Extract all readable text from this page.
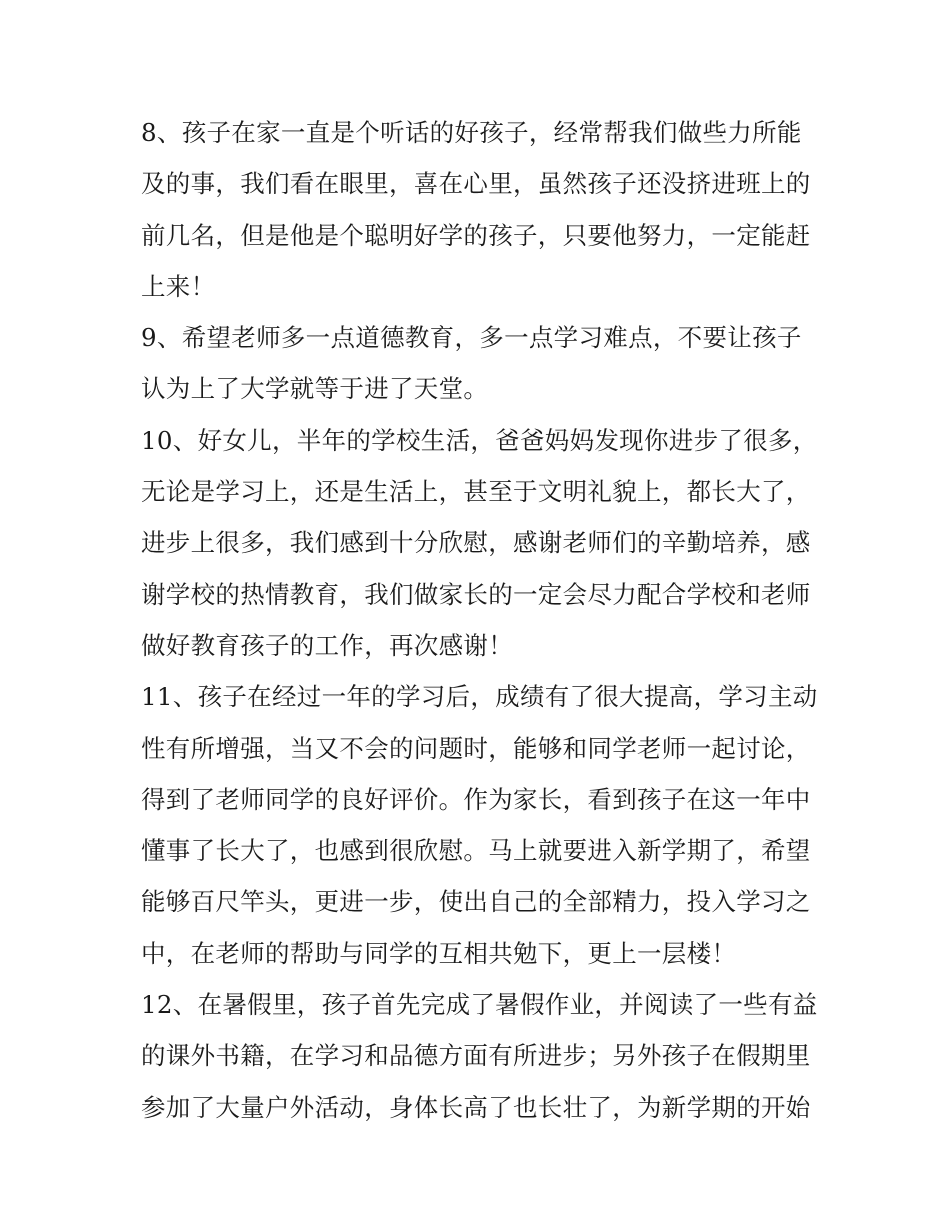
8、孩子在家一直是个听话的好孩子，经常帮我们做些力所能
及的事，我们看在眼里，喜在心里，虽然孩子还没挤进班上的
前几名，但是他是个聪明好学的孩子，只要他努力，一定能赶
上来！
9、希望老师多一点道德教育，多一点学习难点，不要让孩子
认为上了大学就等于进了天堂。
10、好女儿，半年的学校生活，爸爸妈妈发现你进步了很多，
无论是学习上，还是生活上，甚至于文明礼貌上，都长大了，
进步上很多，我们感到十分欣慰，感谢老师们的辛勤培养，感
谢学校的热情教育，我们做家长的一定会尽力配合学校和老师
做好教育孩子的工作，再次感谢！
11、孩子在经过一年的学习后，成绩有了很大提高，学习主动
性有所增强，当又不会的问题时，能够和同学老师一起讨论，
得到了老师同学的良好评价。作为家长，看到孩子在这一年中
懂事了长大了，也感到很欣慰。马上就要进入新学期了，希望
能够百尺竿头，更进一步，使出自己的全部精力，投入学习之
中，在老师的帮助与同学的互相共勉下，更上一层楼！
12、在暑假里，孩子首先完成了暑假作业，并阅读了一些有益
的课外书籍，在学习和品德方面有所进步；另外孩子在假期里
参加了大量户外活动，身体长高了也长壮了，为新学期的开始
